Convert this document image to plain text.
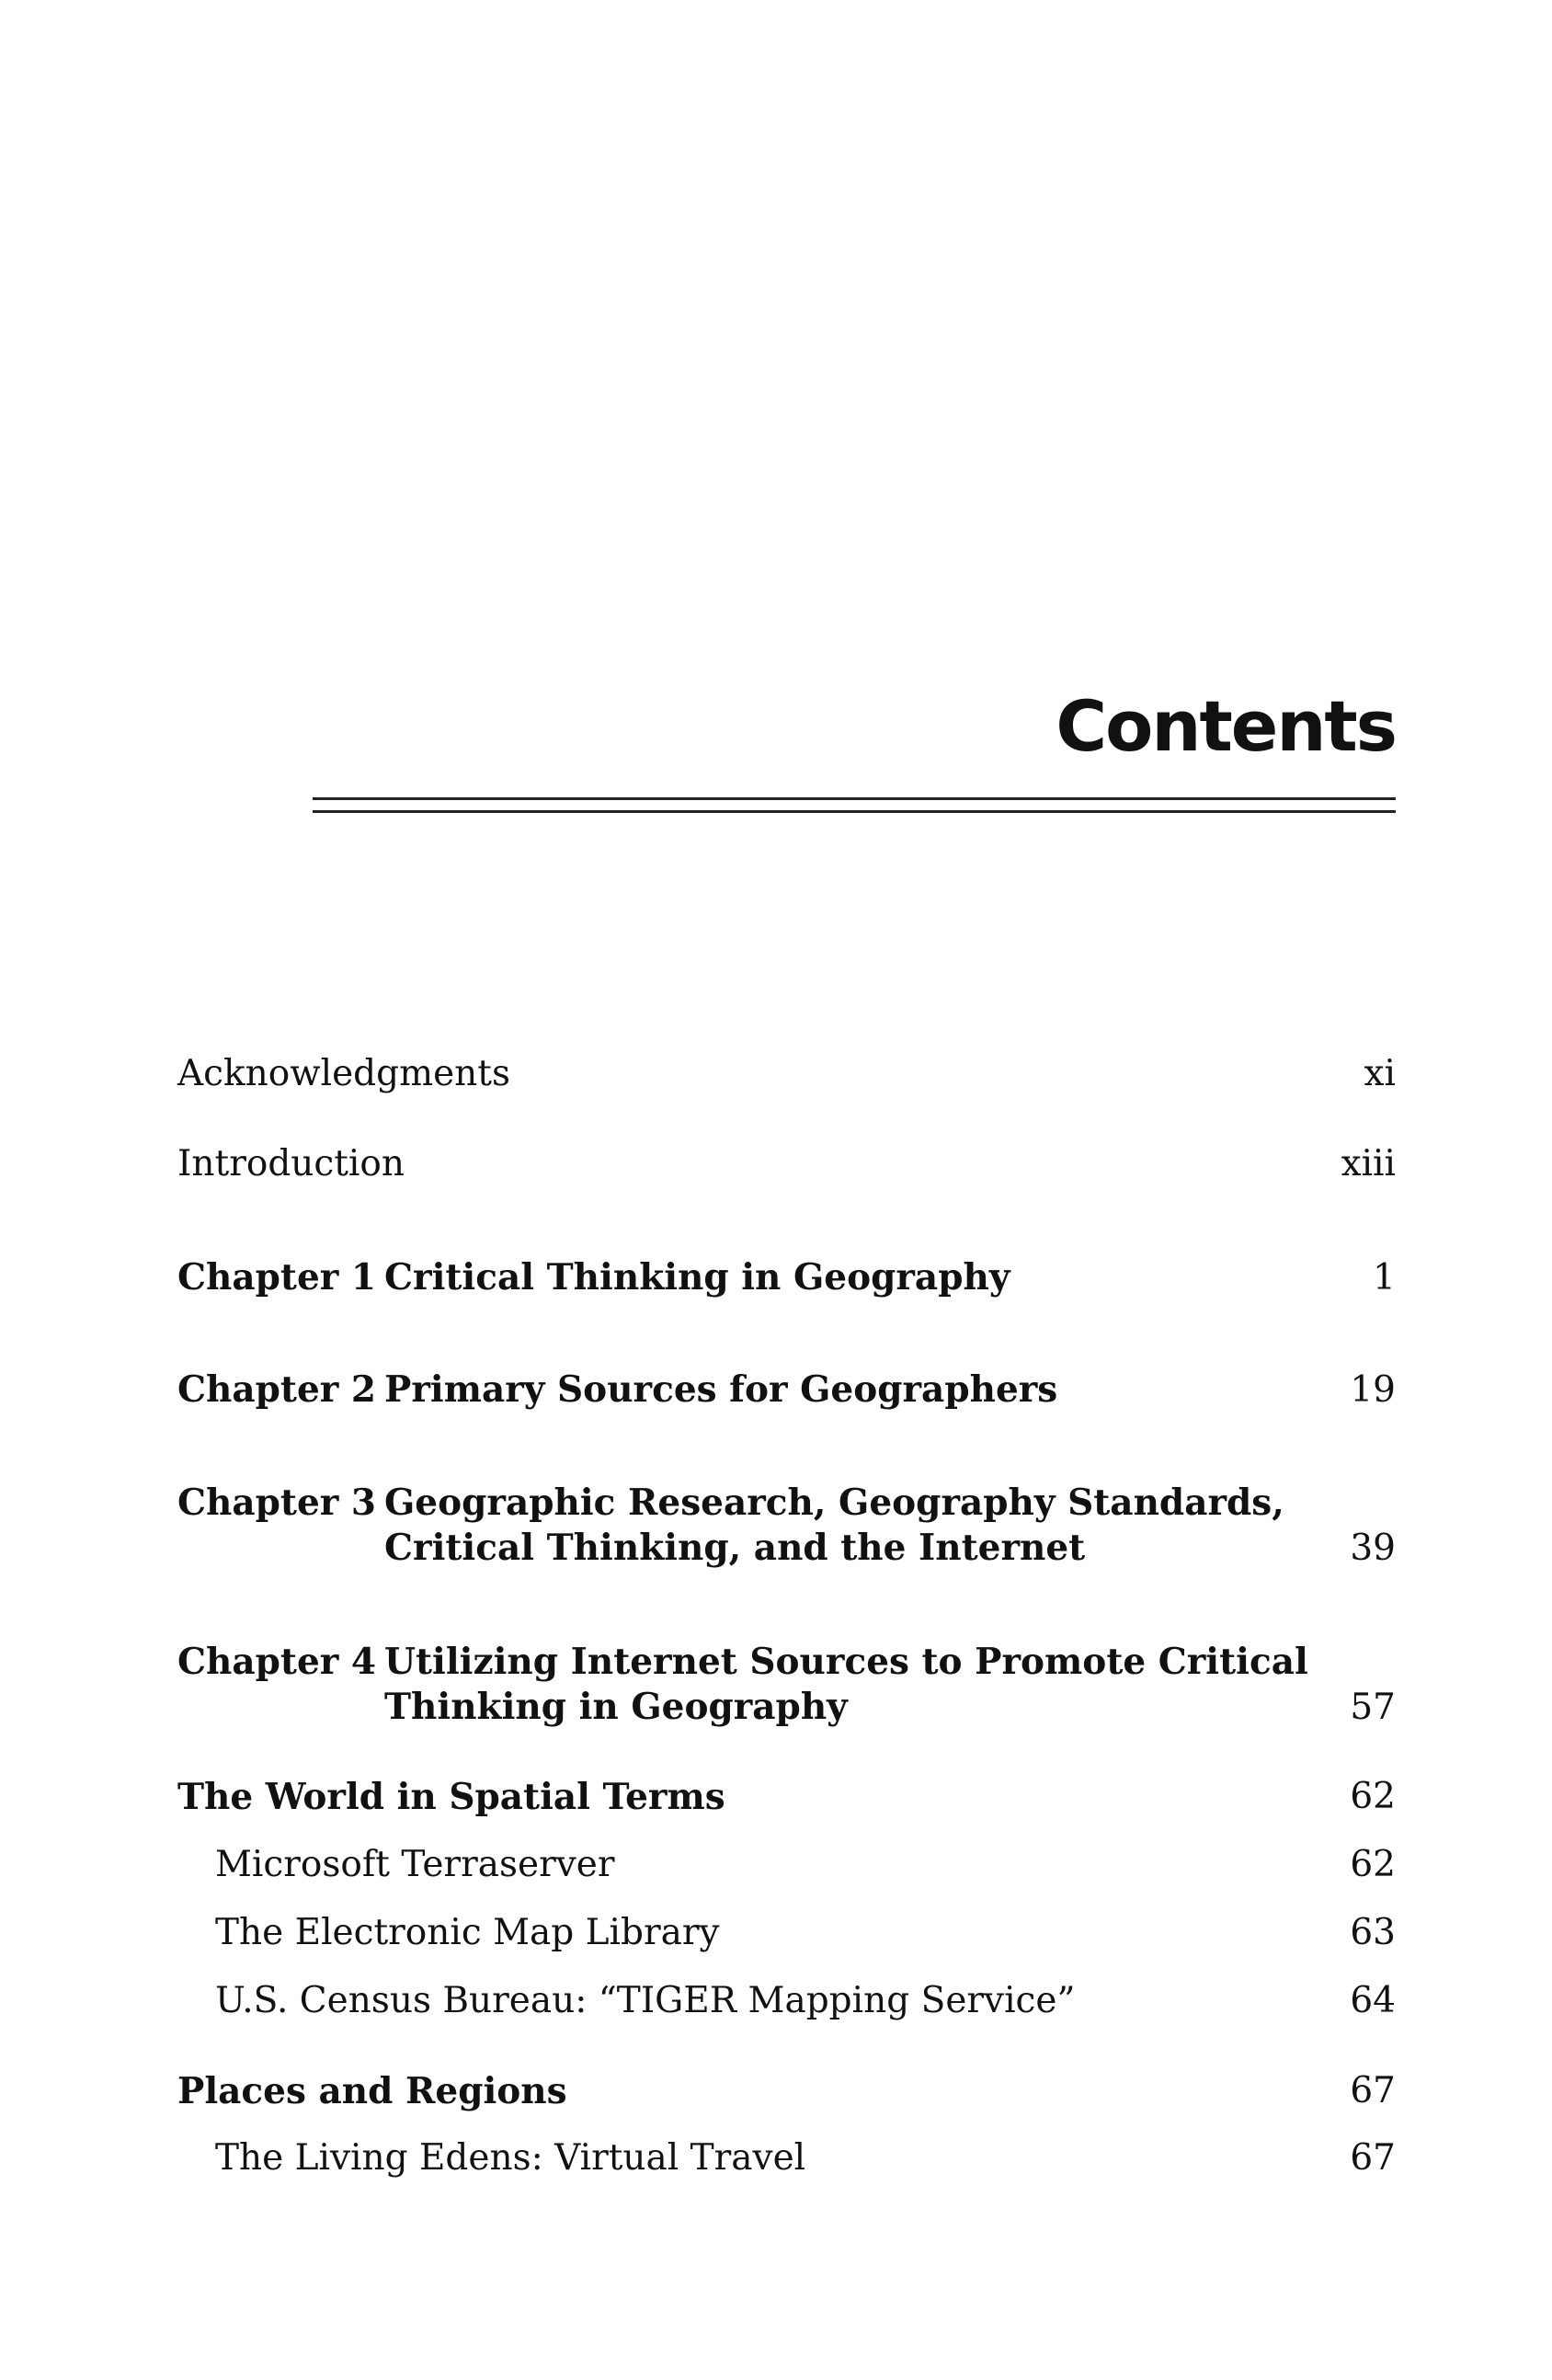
Contents
Acknowledgments	xi
Introduction	xiii
Chapter 1 Critical Thinking in Geography	1
Chapter 2 Primary Sources for Geographers	19
Chapter 3 Geographic Research, Geography Standards,
Critical Thinking, and the Internet	39
Chapter 4 Utilizing Internet Sources to Promote Critical
Thinking in Geography	57
The World in Spatial Terms	62
Microsoft Terraserver	62
The Electronic Map Library	63
U.S. Census Bureau: “TIGER Mapping Service”	64
Places and Regions	67
The Living Edens: Virtual Travel	67
